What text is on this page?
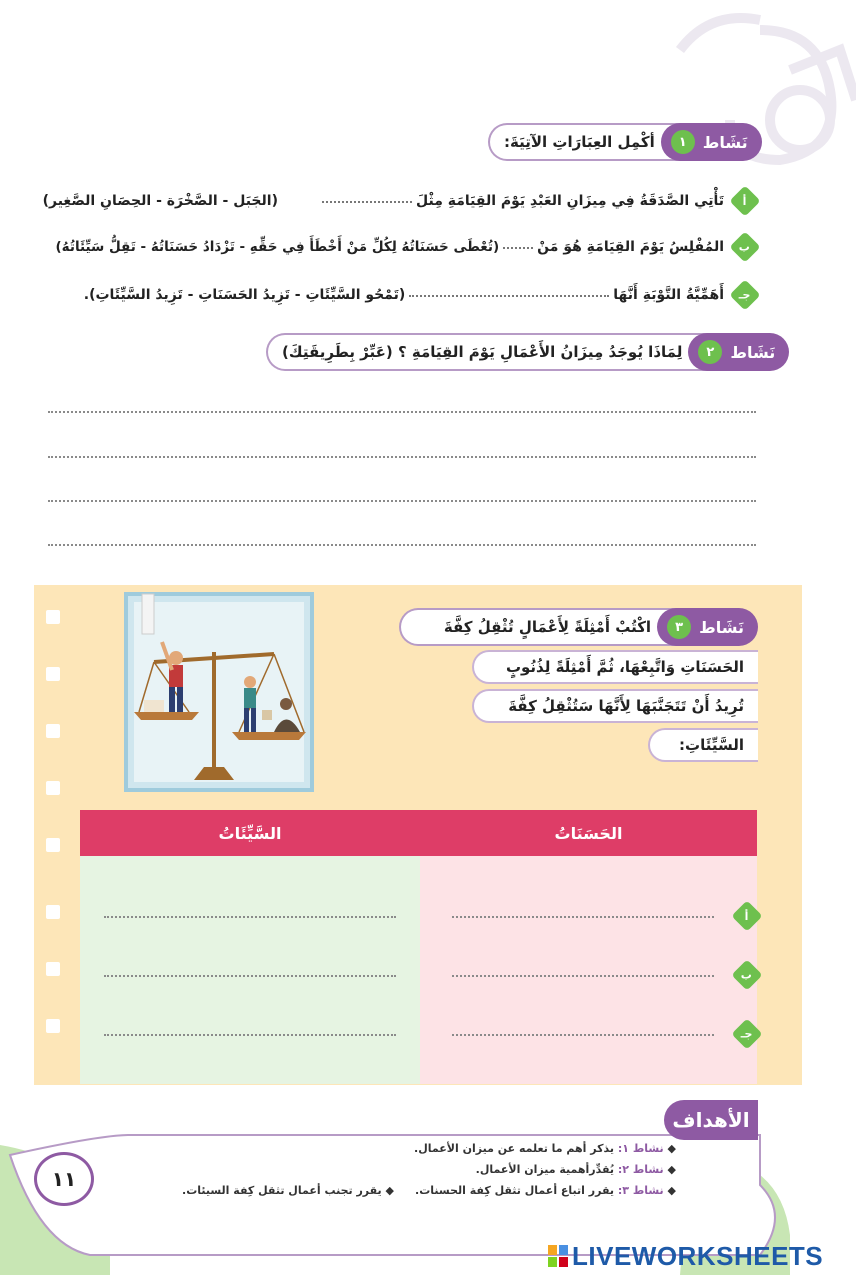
نَشَاط
١
أكْمِل العِبَارَاتِ الآتِيَةَ:
أ
تَأْتِي الصَّدَقَةُ فِي مِيزَانِ العَبْدِ يَوْمَ القِيَامَةِ مِثْلَ
(الجَبَل - الصَّخْرَة - الحِصَانِ الصَّغِير)
ب
المُفْلِسُ يَوْمَ القِيَامَةِ هُوَ مَنْ
(تُعْطَى حَسَنَاتُهُ لِكُلِّ مَنْ أَخْطَأَ فِي حَقِّهِ - تَزْدَادُ حَسَنَاتُهُ - تَقِلُّ سَيِّئَاتُهُ)
جـ
أَهَمِّيَّةُ التَّوْبَةِ أَنَّهَا
(تَمْحُو السَّيِّئَاتِ - تَزِيدُ الحَسَنَاتِ - تَزِيدُ السَّيِّئَاتِ).
نَشَاط
٢
لِمَاذَا يُوجَدُ مِيزَانُ الأَعْمَالِ يَوْمَ القِيَامَةِ ؟ (عَبِّرْ بِطَرِيقَتِكَ)
نَشَاط
٣
اكْتُبْ أَمْثِلَةً لِأَعْمَالٍ تُثْقِلُ كِفَّةَ
الحَسَنَاتِ وَاتَّبِعْهَا، ثُمَّ أَمْثِلَةً لِذُنُوبٍ
تُرِيدُ أَنْ تَتَجَنَّبَهَا لِأَنَّهَا سَتُثْقِلُ كِفَّةَ
السَّيِّئَاتِ:
الحَسَنَاتُ
السَّيِّئَاتُ
أ
ب
جـ
الأهداف
◆ نشاط ١: يذكر أهم ما تعلمه عن ميزان الأعمال.
◆ نشاط ٢: يُقدِّرأهمية ميزان الأعمال.
◆ نشاط ٣: يقرر اتباع أعمال تثقل كِفة الحسنات.
◆ يقرر تجنب أعمال تثقل كِفة السيئات.
١١
LIVEWORKSHEETS
